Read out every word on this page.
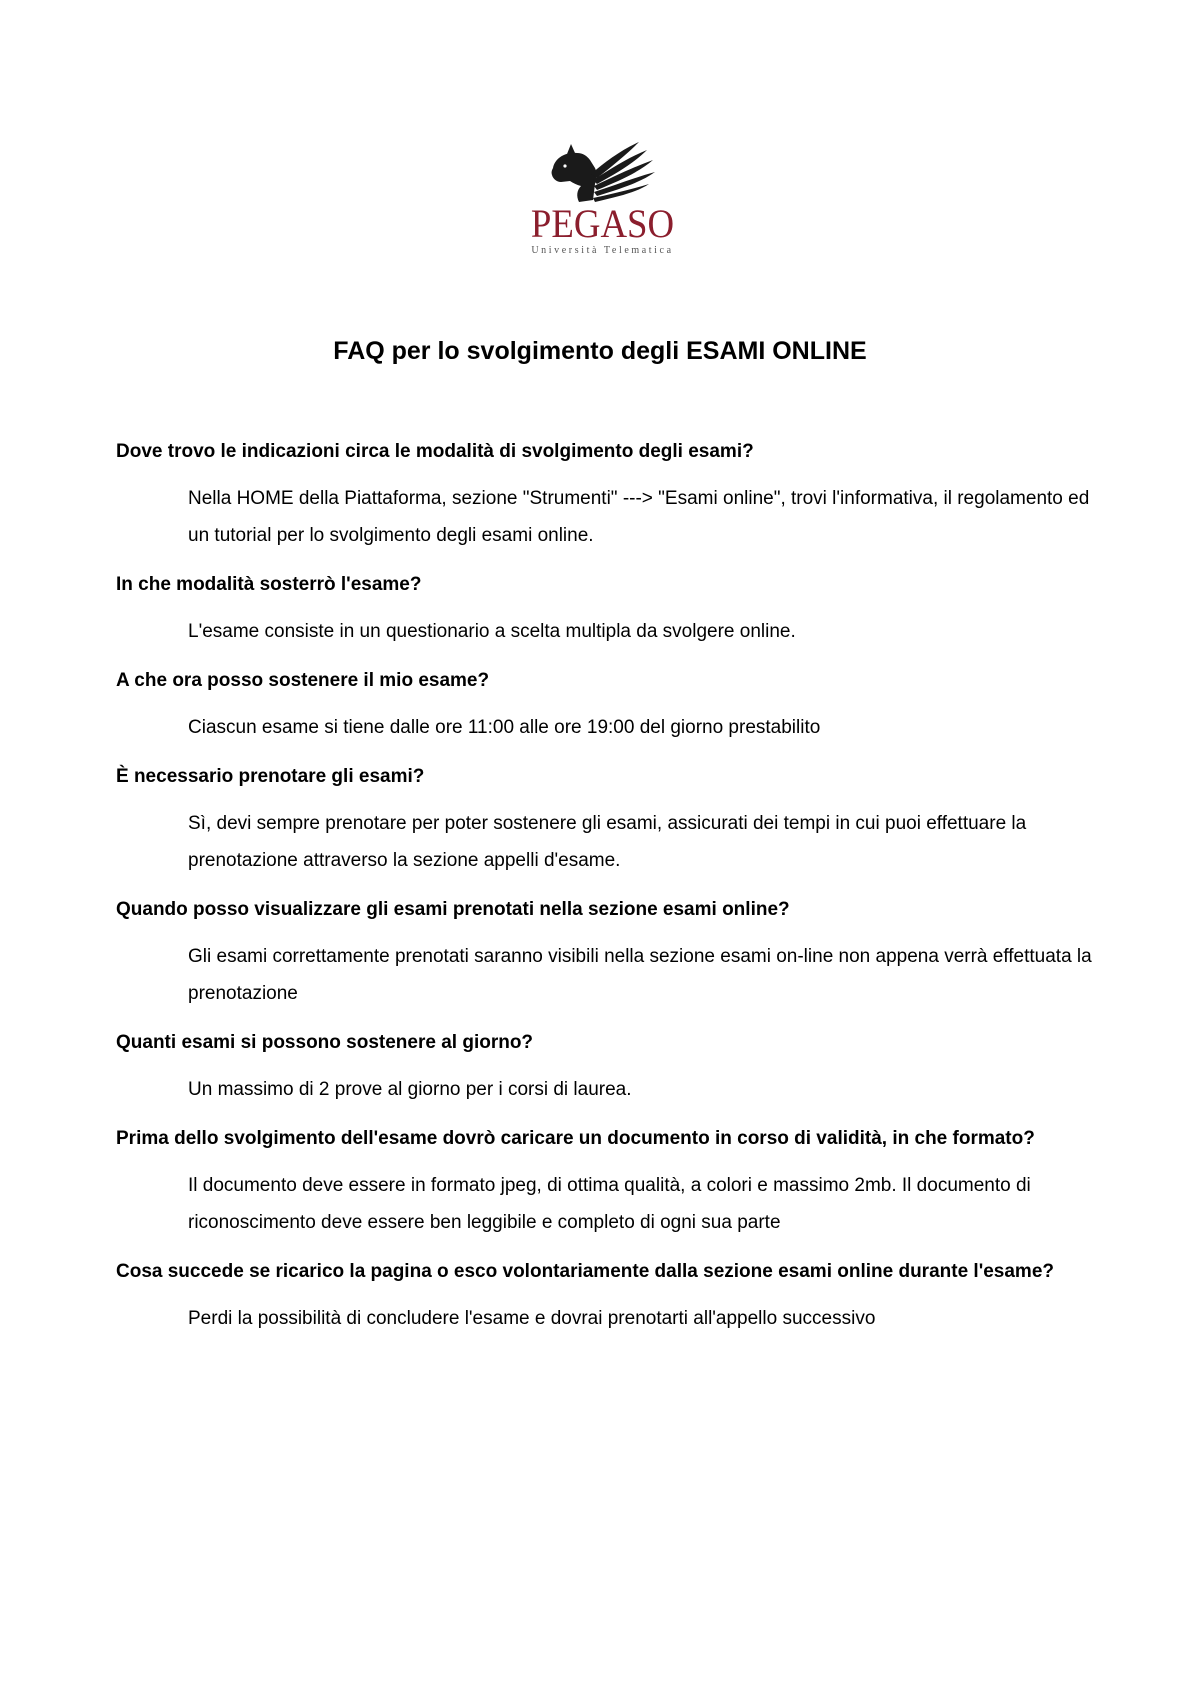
PEGASO
Università Telematica
FAQ per lo svolgimento degli ESAMI ONLINE

Dove trovo le indicazioni circa le modalità di svolgimento degli esami?

Nella HOME della Piattaforma, sezione "Strumenti" ---> "Esami online", trovi l'informativa, il regolamento ed un tutorial per lo svolgimento degli esami online.

In che modalità sosterrò l'esame?

L'esame consiste in un questionario a scelta multipla da svolgere online.

A che ora posso sostenere il mio esame?

Ciascun esame si tiene dalle ore 11:00 alle ore 19:00 del giorno prestabilito

È necessario prenotare gli esami?

Sì, devi sempre prenotare per poter sostenere gli esami, assicurati dei tempi in cui puoi effettuare la prenotazione attraverso la sezione appelli d'esame.

Quando posso visualizzare gli esami prenotati nella sezione esami online?

Gli esami correttamente prenotati saranno visibili nella sezione esami on-line non appena verrà effettuata la prenotazione

Quanti esami si possono sostenere al giorno?

Un massimo di 2 prove al giorno per i corsi di laurea.

Prima dello svolgimento dell'esame dovrò caricare un documento in corso di validità, in che formato?

Il documento deve essere in formato jpeg, di ottima qualità, a colori e massimo 2mb. Il documento di riconoscimento deve essere ben leggibile e completo di ogni sua parte

Cosa succede se ricarico la pagina o esco volontariamente dalla sezione esami online durante l'esame?

Perdi la possibilità di concludere l'esame e dovrai prenotarti all'appello successivo
